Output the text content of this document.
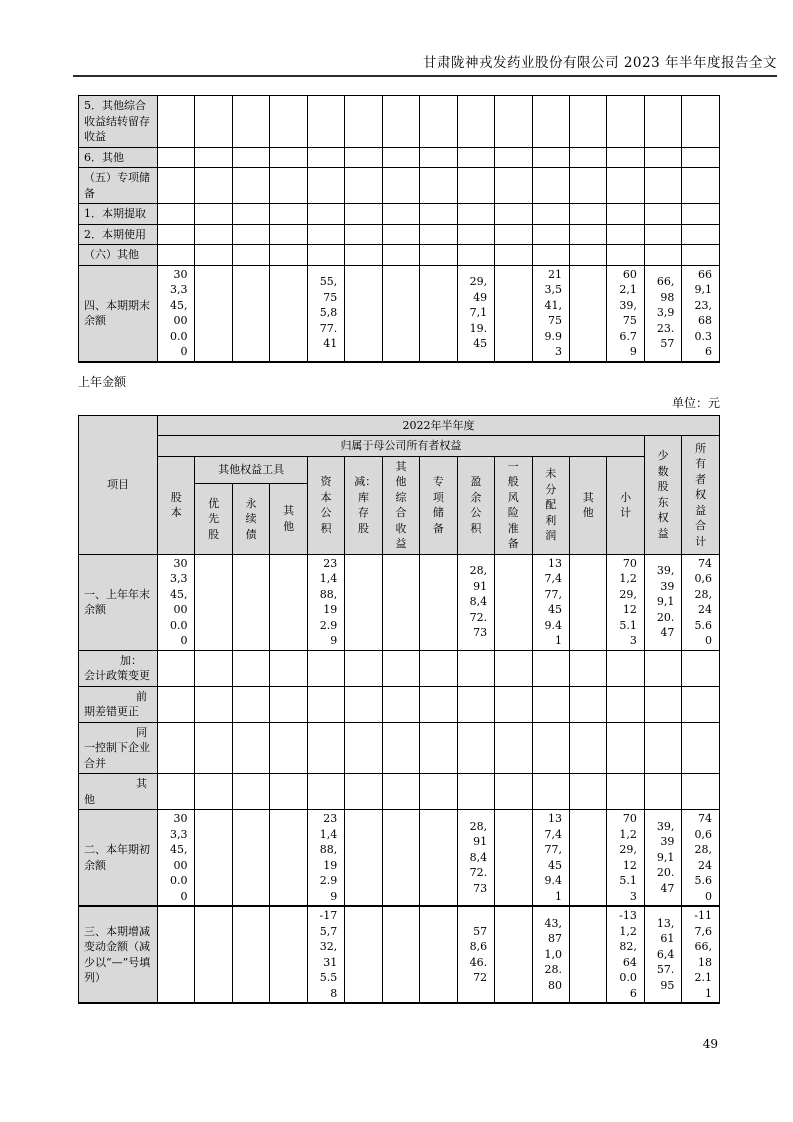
甘肃陇神戎发药业股份有限公司 2023 年半年度报告全文
5．其他综合收益结转留存收益															
6．其他															
（五）专项储备															
1．本期提取															
2．本期使用															
（六）其他															
四、本期期末余额	303,345,000.00				55,755,877.41				29,497,119.45		213,541,759.93		602,139,756.79	66,983,923.57	669,123,680.36
上年金额
单位：元
项目	2022年半年度														
	归属于母公司所有者权益													少数股东权益	所有者权益合计
	股本	其他权益工具			资本公积	减：库存股	其他综合收益	专项储备	盈余公积	一般风险准备	未分配利润	其他	小计		
		优先股	永续债	其他											
一、上年年末余额	303,345,000.00				231,488,192.99				28,918,472.73		137,477,459.41		701,229,125.13	39,399,120.47	740,628,245.60
加：会计政策变更															
前期差错更正															
同一控制下企业合并															
其他															
二、本年期初余额	303,345,000.00				231,488,192.99				28,918,472.73		137,477,459.41		701,229,125.13	39,399,120.47	740,628,245.60
三、本期增减变动金额（减少以“—”号填列）					-175,732,315.58				578,646.72		43,871,028.80		-131,282,640.06	13,616,457.95	-117,666,182.11
49
